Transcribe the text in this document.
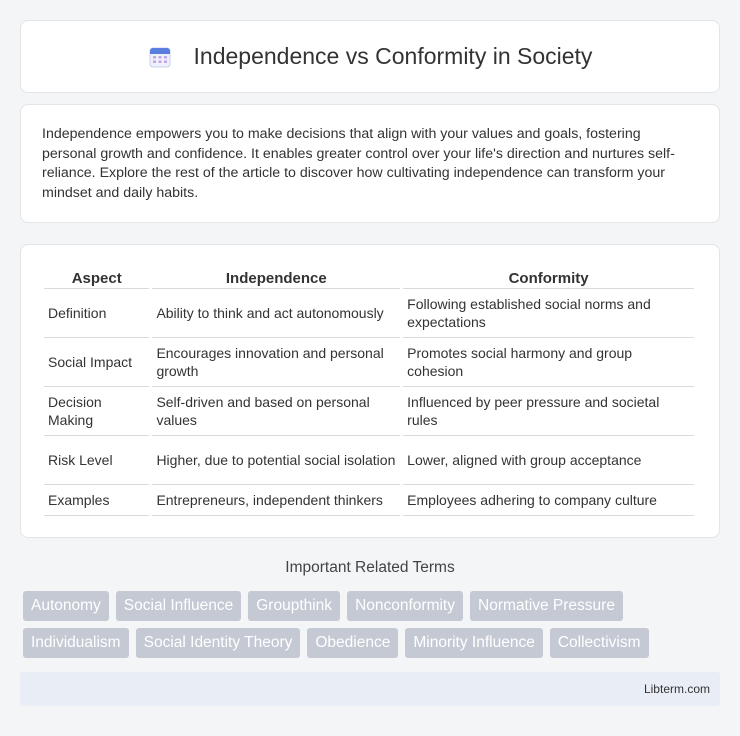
Independence vs Conformity in Society

Independence empowers you to make decisions that align with your values and goals, fostering personal growth and confidence. It enables greater control over your life's direction and nurtures self-reliance. Explore the rest of the article to discover how cultivating independence can transform your mindset and daily habits.

Aspect	Independence	Conformity
Definition	Ability to think and act autonomously	Following established social norms and expectations
Social Impact	Encourages innovation and personal growth	Promotes social harmony and group cohesion
Decision Making	Self-driven and based on personal values	Influenced by peer pressure and societal rules
Risk Level	Higher, due to potential social isolation	Lower, aligned with group acceptance
Examples	Entrepreneurs, independent thinkers	Employees adhering to company culture
Important Related Terms
Autonomy	Social Influence	Groupthink	Nonconformity	Normative Pressure
Individualism	Social Identity Theory	Obedience	Minority Influence	Collectivism
Libterm.com
